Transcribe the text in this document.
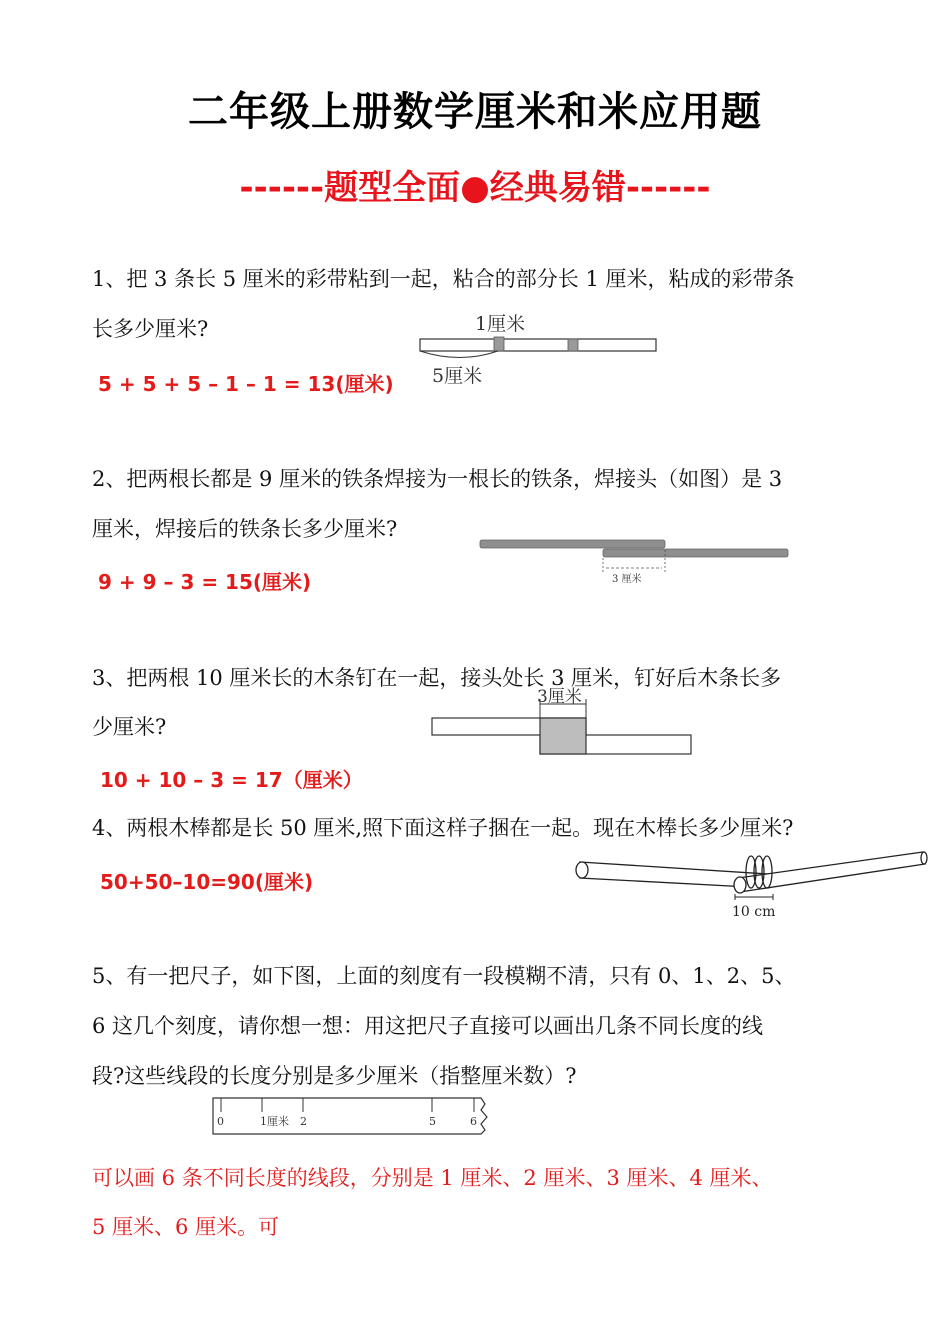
二年级上册数学厘米和米应用题
------题型全面●经典易错------
1、把 3 条长 5 厘米的彩带粘到一起，粘合的部分长 1 厘米，粘成的彩带条
长多少厘米?
5 + 5 + 5 – 1 – 1 = 13(厘米)
1厘米
5厘米
2、把两根长都是 9 厘米的铁条焊接为一根长的铁条，焊接头（如图）是 3
厘米，焊接后的铁条长多少厘米?
9 + 9 – 3 = 15(厘米)	3 厘米
3、把两根 10 厘米长的木条钉在一起，接头处长 3 厘米，钉好后木条长多
少厘米?
10 + 10 – 3 = 17（厘米）
3厘米
4、两根木棒都是长 50 厘米,照下面这样子捆在一起。现在木棒长多少厘米?
50+50–10=90(厘米)
10 cm
5、有一把尺子，如下图，上面的刻度有一段模糊不清，只有 0、1、2、5、
6 这几个刻度，请你想一想：用这把尺子直接可以画出几条不同长度的线
段?这些线段的长度分别是多少厘米（指整厘米数）?
0	1厘米 2	5	6
可以画 6 条不同长度的线段，分别是 1 厘米、2 厘米、3 厘米、4 厘米、
5 厘米、6 厘米。可
